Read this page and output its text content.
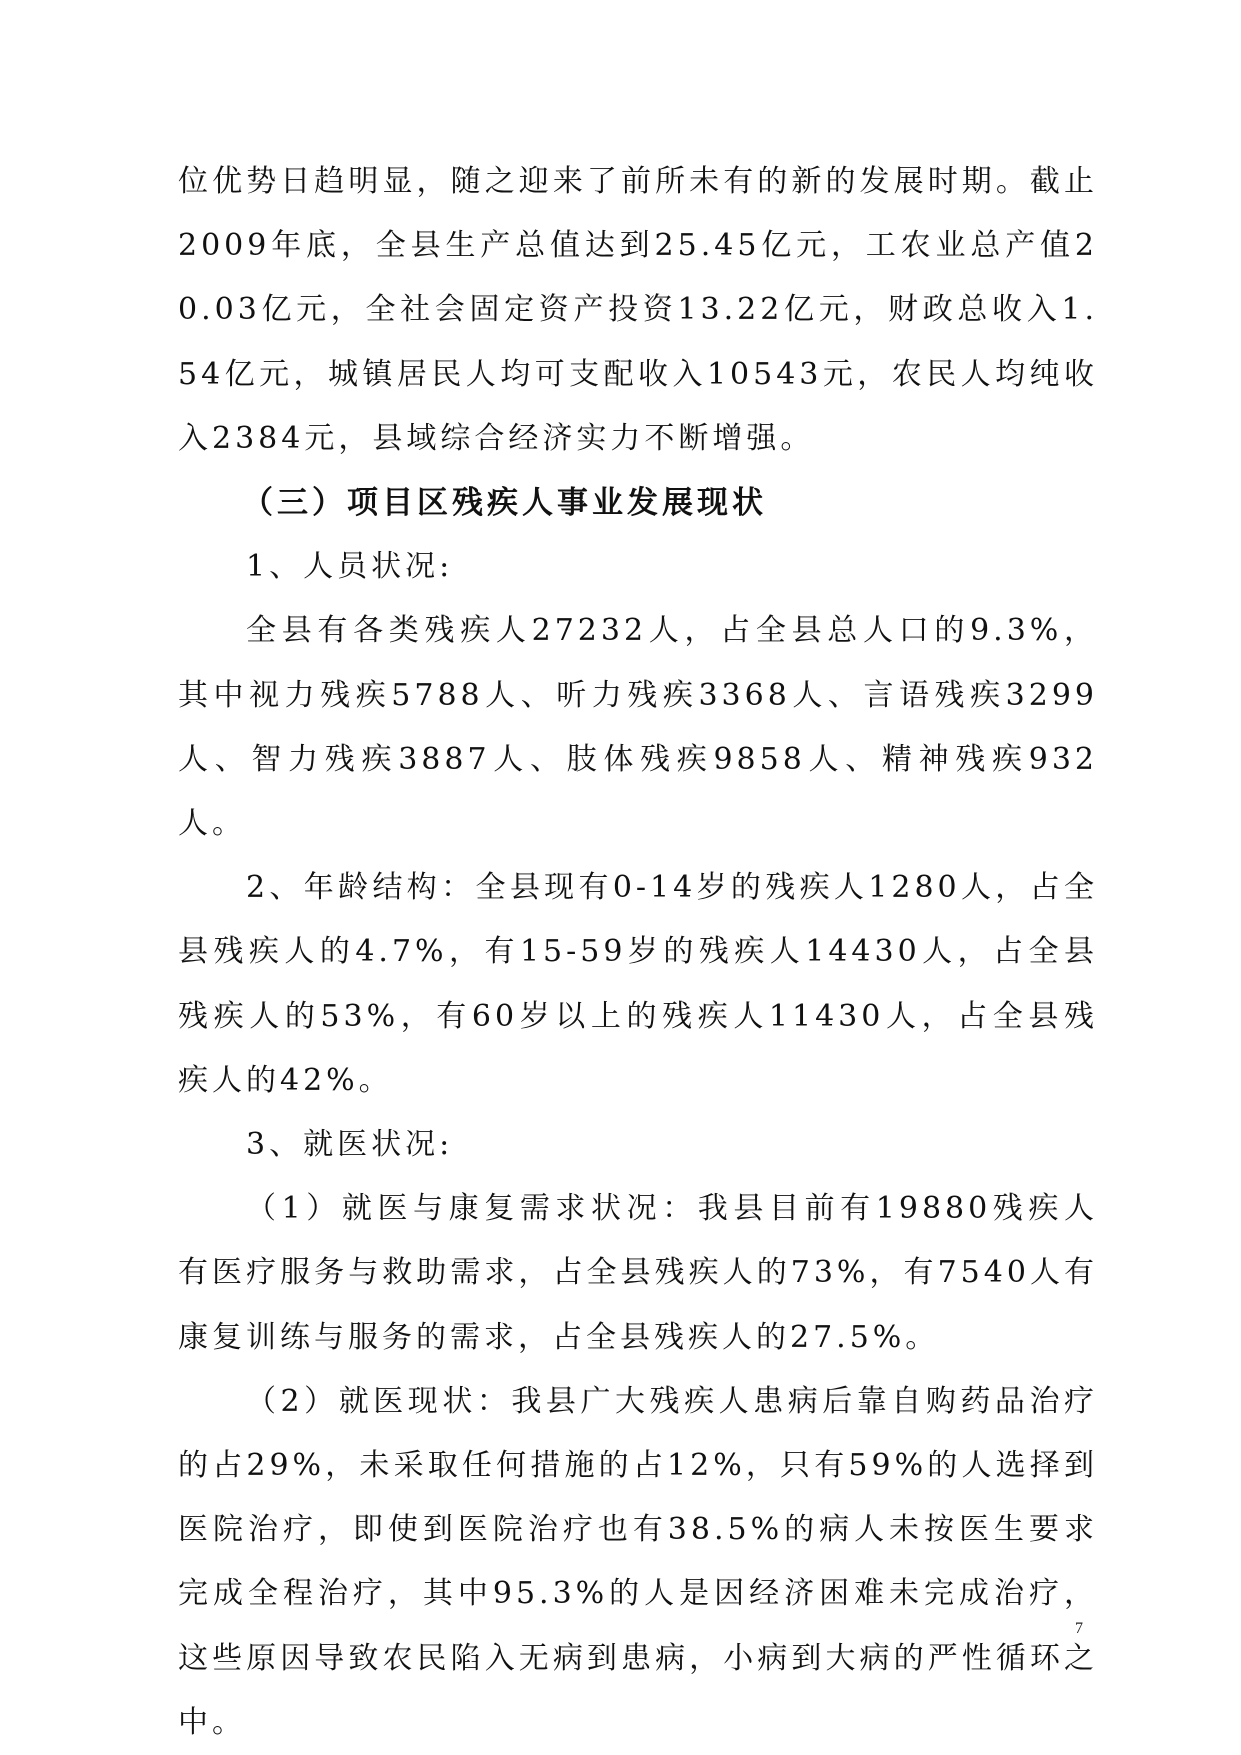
位优势日趋明显，随之迎来了前所未有的新的发展时期。截止2009年底，全县生产总值达到25.45亿元，工农业总产值20.03亿元，全社会固定资产投资13.22亿元，财政总收入1.54亿元，城镇居民人均可支配收入10543元，农民人均纯收入2384元，县域综合经济实力不断增强。

（三）项目区残疾人事业发展现状

1、人员状况:

全县有各类残疾人27232人，占全县总人口的9.3%，其中视力残疾5788人、听力残疾3368人、言语残疾3299人、智力残疾3887人、肢体残疾9858人、精神残疾932人。

2、年龄结构：全县现有0-14岁的残疾人1280人，占全县残疾人的4.7%，有15-59岁的残疾人14430人，占全县残疾人的53%，有60岁以上的残疾人11430人，占全县残疾人的42%。

3、就医状况:

（1）就医与康复需求状况：我县目前有19880残疾人有医疗服务与救助需求，占全县残疾人的73%，有7540人有康复训练与服务的需求，占全县残疾人的27.5%。

（2）就医现状：我县广大残疾人患病后靠自购药品治疗的占29%，未采取任何措施的占12%，只有59%的人选择到医院治疗，即使到医院治疗也有38.5%的病人未按医生要求完成全程治疗，其中95.3%的人是因经济困难未完成治疗，这些原因导致农民陷入无病到患病，小病到大病的严性循环之中。

7
